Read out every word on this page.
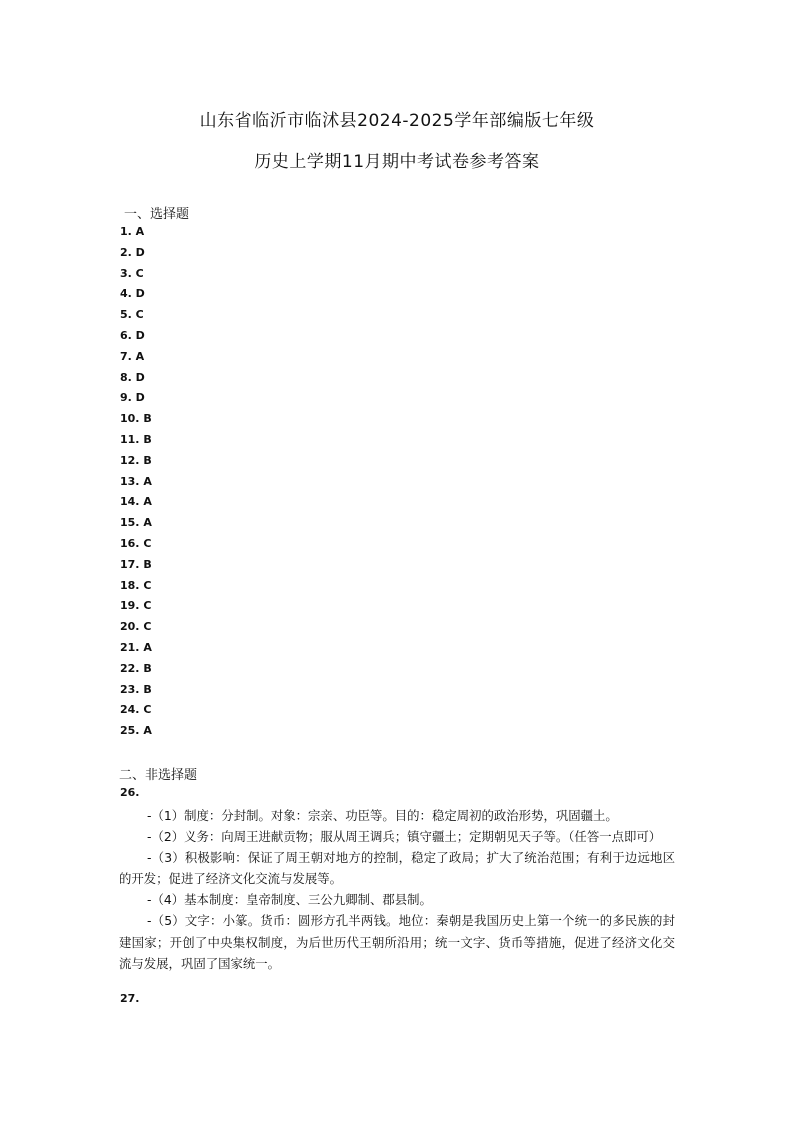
山东省临沂市临沭县2024-2025学年部编版七年级
历史上学期11月期中考试卷参考答案
一、选择题
1. A
2. D
3. C
4. D
5. C
6. D
7. A
8. D
9. D
10. B
11. B
12. B
13. A
14. A
15. A
16. C
17. B
18. C
19. C
20. C
21. A
22. B
23. B
24. C
25. A
二、非选择题
26.

-（1）制度：分封制。对象：宗亲、功臣等。目的：稳定周初的政治形势，巩固疆土。

-（2）义务：向周王进献贡物；服从周王调兵；镇守疆土；定期朝见天子等。（任答一点即可）

-（3）积极影响：保证了周王朝对地方的控制，稳定了政局；扩大了统治范围；有利于边远地区的开发；促进了经济文化交流与发展等。

-（4）基本制度：皇帝制度、三公九卿制、郡县制。

-（5）文字：小篆。货币：圆形方孔半两钱。地位：秦朝是我国历史上第一个统一的多民族的封建国家；开创了中央集权制度，为后世历代王朝所沿用；统一文字、货币等措施，促进了经济文化交流与发展，巩固了国家统一。

27.
